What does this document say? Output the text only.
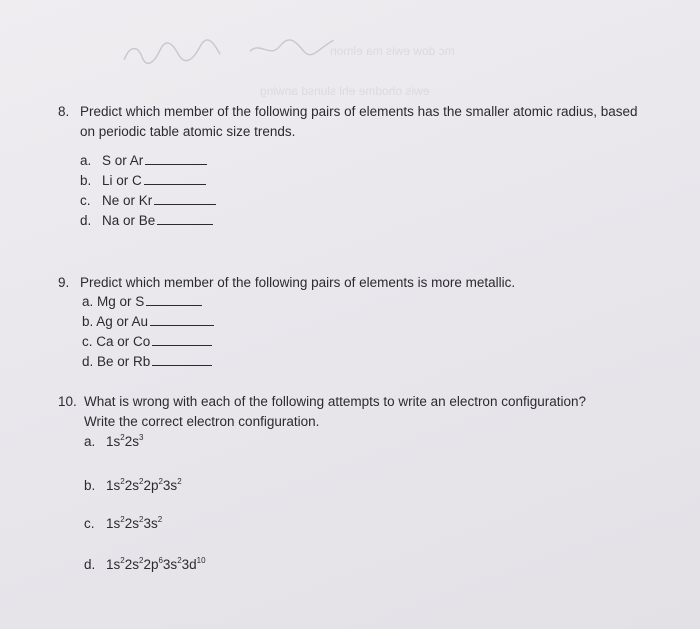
mc dow ewis ma elmon
ewis ohodme ehl slunsd anwing
8. Predict which member of the following pairs of elements has the smaller atomic radius, based
on periodic table atomic size trends.
a. S or Ar
b. Li or C
c. Ne or Kr
d. Na or Be
9. Predict which member of the following pairs of elements is more metallic.
a. Mg or S
b. Ag or Au
c. Ca or Co
d. Be or Rb
10. What is wrong with each of the following attempts to write an electron configuration?
Write the correct electron configuration.
a. $1s^22s^3$
b. $1s^22s^22p^23s^2$
c. $1s^22s^23s^2$
d. $1s^22s^22p^63s^23d^{10}$
